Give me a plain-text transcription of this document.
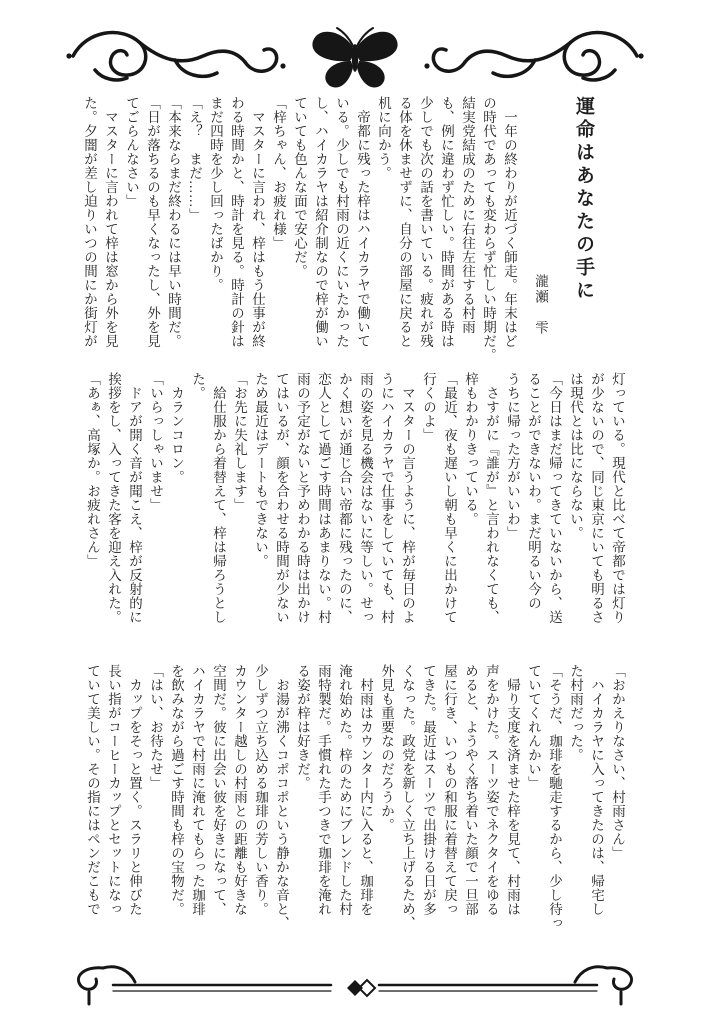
運命はあなたの手に

瀧瀬　雫

　一年の終わりが近づく師走。年末はど

の時代であっても変わらず忙しい時期だ。

結実党結成のために右往左往する村雨

も、例に違わず忙しい。時間がある時は

少しでも次の話を書いている。疲れが残

る体を休ませずに、自分の部屋に戻ると

机に向かう。

　帝都に残った梓はハイカラヤで働いて

いる。少しでも村雨の近くにいたかった

し、ハイカラヤは紹介制なので梓が働い

ていても色んな面で安心だ。

「梓ちゃん、お疲れ様」

　マスターに言われ、梓はもう仕事が終

わる時間かと、時計を見る。時計の針は

まだ四時を少し回ったばかり。

「え？　まだ……」

「本来ならまだ終わるには早い時間だ。

「日が落ちるのも早くなったし、外を見

てごらんなさい」

　マスターに言われて梓は窓から外を見

た。夕闇が差し迫りいつの間にか街灯が

灯っている。現代と比べて帝都では灯り

が少ないので、同じ東京にいても明るさ

は現代とは比にならない。

「今日はまだ帰ってきていないから、送

ることができないわ。まだ明るい今の

うちに帰った方がいいわ」

　さすがに『誰が』と言われなくても、

梓もわかりきっている。

「最近、夜も遅いし朝も早くに出かけて

行くのよ」

　マスターの言うように、梓が毎日のよ

うにハイカラヤで仕事をしていても、村

雨の姿を見る機会はないに等しい。せっ

かく想いが通じ合い帝都に残ったのに、

恋人として過ごす時間はあまりない。村

雨の予定がないと予めわかる時は出かけ

てはいるが、顔を合わせる時間が少ない

ため最近はデートもできない。

「お先に失礼します」

　給仕服から着替えて、梓は帰ろうとし

た。

　カランコロン。

「いらっしゃいませ」

　ドアが開く音が聞こえ、梓が反射的に

挨拶をし、入ってきた客を迎え入れた。

「あぁ、高塚か。お疲れさん」

「おかえりなさい、村雨さん」

　ハイカラヤに入ってきたのは、帰宅し

た村雨だった。

「そうだ、珈琲を馳走するから、少し待っ

ていてくれんかい」

　帰り支度を済ませた梓を見て、村雨は

声をかけた。スーツ姿でネクタイをゆる

めると、ようやく落ち着いた顔で一旦部

屋に行き、いつもの和服に着替えて戻っ

てきた。最近はスーツで出掛ける日が多

くなった。政党を新しく立ち上げるため、

外見も重要なのだろうか。

　村雨はカウンター内に入ると、珈琲を

淹れ始めた。梓のためにブレンドした村

雨特製だ。手慣れた手つきで珈琲を淹れ

る姿が梓は好きだ。

　お湯が沸くコポコポという静かな音と、

少しずつ立ち込める珈琲の芳しい香り。

カウンター越しの村雨との距離も好きな

空間だ。彼に出会い彼を好きになって、

ハイカラヤで村雨に淹れてもらった珈琲

を飲みながら過ごす時間も梓の宝物だ。

「はい、お待たせ」

　カップをそっと置く。スラリと伸びた

長い指がコーヒーカップとセットになっ

ていて美しい。その指にはペンだこもで
